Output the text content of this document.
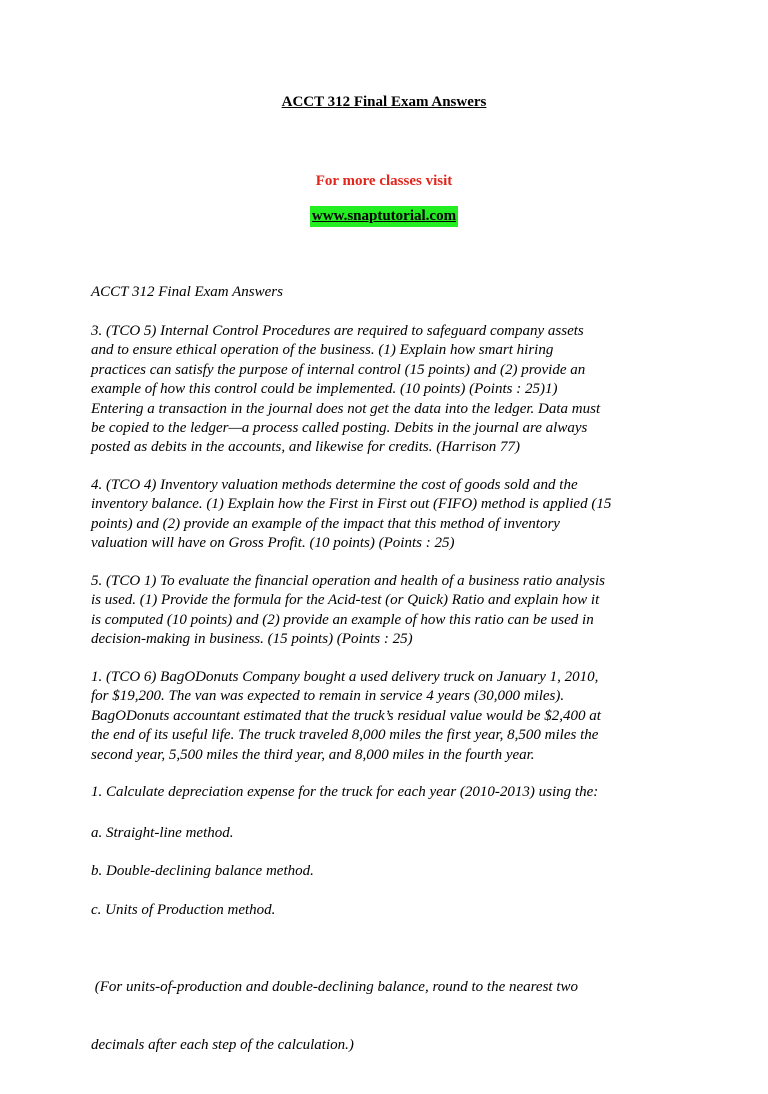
ACCT 312 Final Exam Answers
For more classes visit
www.snaptutorial.com

ACCT 312 Final Exam Answers

3. (TCO 5) Internal Control Procedures are required to safeguard company assets
and to ensure ethical operation of the business. (1) Explain how smart hiring
practices can satisfy the purpose of internal control (15 points) and (2) provide an
example of how this control could be implemented. (10 points) (Points : 25)1)
Entering a transaction in the journal does not get the data into the ledger. Data must
be copied to the ledger—a process called posting. Debits in the journal are always
posted as debits in the accounts, and likewise for credits. (Harrison 77)

4. (TCO 4) Inventory valuation methods determine the cost of goods sold and the
inventory balance. (1) Explain how the First in First out (FIFO) method is applied (15
points) and (2) provide an example of the impact that this method of inventory
valuation will have on Gross Profit. (10 points) (Points : 25)

5. (TCO 1) To evaluate the financial operation and health of a business ratio analysis
is used. (1) Provide the formula for the Acid-test (or Quick) Ratio and explain how it
is computed (10 points) and (2) provide an example of how this ratio can be used in
decision-making in business. (15 points) (Points : 25)

1. (TCO 6) BagODonuts Company bought a used delivery truck on January 1, 2010,
for $19,200. The van was expected to remain in service 4 years (30,000 miles).
BagODonuts accountant estimated that the truck’s residual value would be $2,400 at
the end of its useful life. The truck traveled 8,000 miles the first year, 8,500 miles the
second year, 5,500 miles the third year, and 8,000 miles in the fourth year.

1. Calculate depreciation expense for the truck for each year (2010-2013) using the:

a. Straight-line method.

b. Double-declining balance method.

c. Units of Production method.

(For units-of-production and double-declining balance, round to the nearest two

decimals after each step of the calculation.)
